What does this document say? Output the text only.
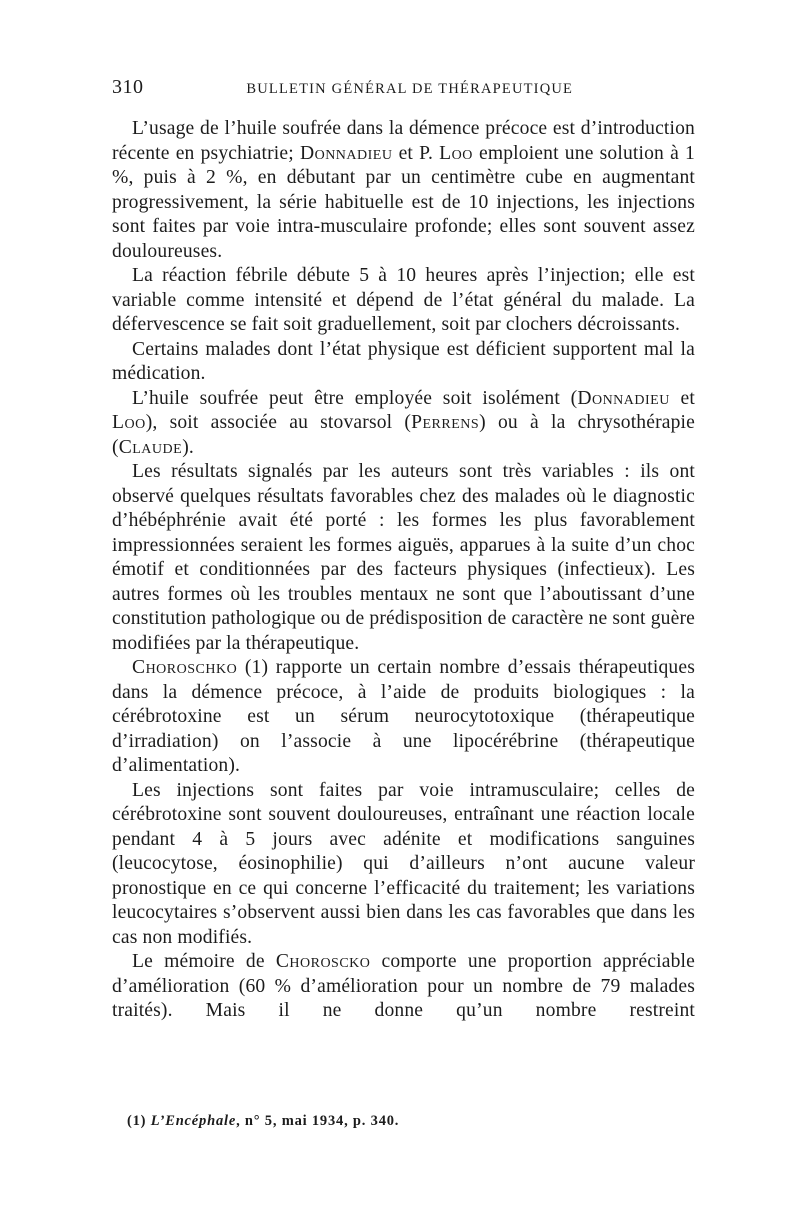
310	BULLETIN GÉNÉRAL DE THÉRAPEUTIQUE

L’usage de l’huile soufrée dans la démence précoce est d’introduction récente en psychiatrie; Donnadieu et P. Loo emploient une solution à 1 %, puis à 2 %, en débutant par un centimètre cube en augmentant progressivement, la série habituelle est de 10 injections, les injections sont faites par voie intra-musculaire profonde; elles sont souvent assez douloureuses.

La réaction fébrile débute 5 à 10 heures après l’injection; elle est variable comme intensité et dépend de l’état général du malade. La défervescence se fait soit graduellement, soit par clochers décroissants.

Certains malades dont l’état physique est déficient supportent mal la médication.

L’huile soufrée peut être employée soit isolément (Donnadieu et Loo), soit associée au stovarsol (Perrens) ou à la chrysothérapie (Claude).

Les résultats signalés par les auteurs sont très variables : ils ont observé quelques résultats favorables chez des malades où le diagnostic d’hébéphrénie avait été porté : les formes les plus favorablement impressionnées seraient les formes aiguës, apparues à la suite d’un choc émotif et conditionnées par des facteurs physiques (infectieux). Les autres formes où les troubles mentaux ne sont que l’aboutissant d’une constitution pathologique ou de prédisposition de caractère ne sont guère modifiées par la thérapeutique.

Choroschko (1) rapporte un certain nombre d’essais thérapeutiques dans la démence précoce, à l’aide de produits biologiques : la cérébrotoxine est un sérum neurocytotoxique (thérapeutique d’irradiation) on l’associe à une lipocérébrine (thérapeutique d’alimentation).

Les injections sont faites par voie intramusculaire; celles de cérébrotoxine sont souvent douloureuses, entraînant une réaction locale pendant 4 à 5 jours avec adénite et modifications sanguines (leucocytose, éosinophilie) qui d’ailleurs n’ont aucune valeur pronostique en ce qui concerne l’efficacité du traitement; les variations leucocytaires s’observent aussi bien dans les cas favorables que dans les cas non modifiés.

Le mémoire de Chorosсko comporte une proportion appréciable d’amélioration (60 % d’amélioration pour un nombre de 79 malades traités). Mais il ne donne qu’un nombre restreint

(1) L’Encéphale, n° 5, mai 1934, p. 340.
